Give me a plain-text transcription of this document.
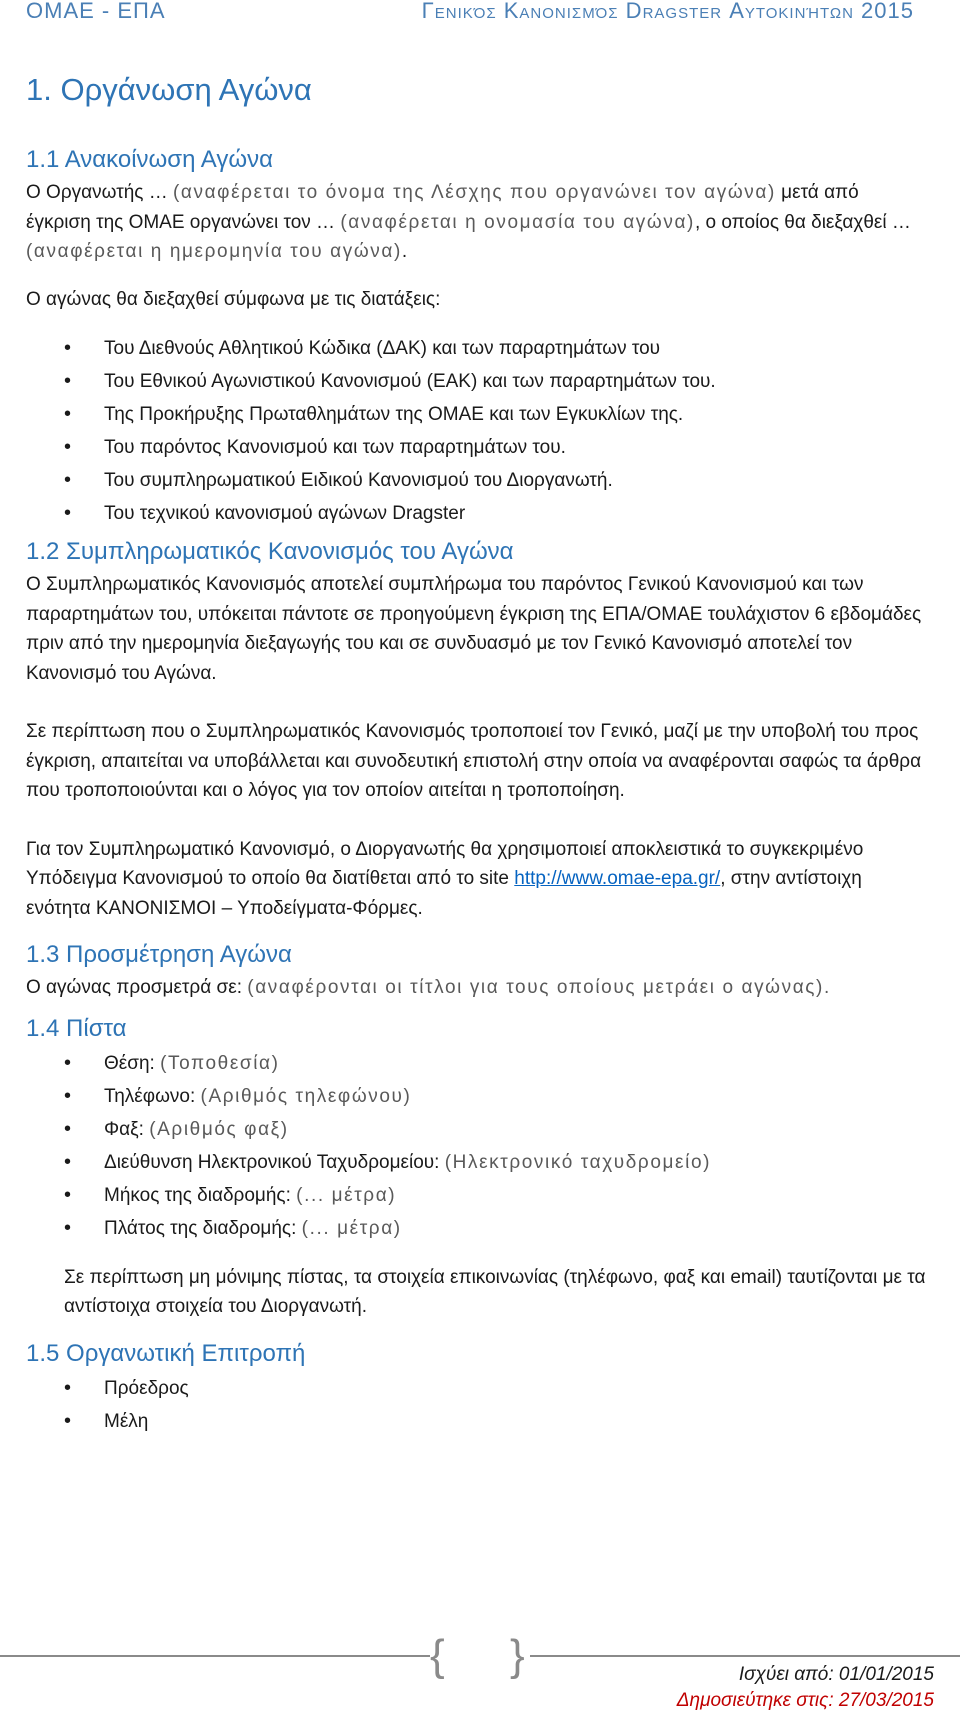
ΟΜΑΕ - ΕΠΑ	Γενικός Κανονισμός Dragster Αυτοκινήτων 2015
1. Οργάνωση Αγώνα
1.1 Ανακοίνωση Αγώνα

Ο Οργανωτής … (αναφέρεται το όνομα της Λέσχης που οργανώνει τον αγώνα) μετά από έγκριση της ΟΜΑΕ οργανώνει τον … (αναφέρεται η ονομασία του αγώνα), ο οποίος θα διεξαχθεί … (αναφέρεται η ημερομηνία του αγώνα).

Ο αγώνας θα διεξαχθεί σύμφωνα με τις διατάξεις:

• Του Διεθνούς Αθλητικού Κώδικα (ΔΑΚ) και των παραρτημάτων του
• Του Εθνικού Αγωνιστικού Κανονισμού (ΕΑΚ) και των παραρτημάτων του.
• Της Προκήρυξης Πρωταθλημάτων της ΟΜΑΕ και των Εγκυκλίων της.
• Του παρόντος Κανονισμού και των παραρτημάτων του.
• Του συμπληρωματικού Ειδικού Κανονισμού του Διοργανωτή.
• Του τεχνικού κανονισμού αγώνων Dragster
1.2 Συμπληρωματικός Κανονισμός του Αγώνα

Ο Συμπληρωματικός Κανονισμός αποτελεί συμπλήρωμα του παρόντος Γενικού Κανονισμού και των παραρτημάτων του, υπόκειται πάντοτε σε προηγούμενη έγκριση της ΕΠΑ/ΟΜΑΕ τουλάχιστον 6 εβδομάδες πριν από την ημερομηνία διεξαγωγής του και σε συνδυασμό με τον Γενικό Κανονισμό αποτελεί τον Κανονισμό του Αγώνα.

Σε περίπτωση που ο Συμπληρωματικός Κανονισμός τροποποιεί τον Γενικό, μαζί με την υποβολή του προς έγκριση, απαιτείται να υποβάλλεται και συνοδευτική επιστολή στην οποία να αναφέρονται σαφώς τα άρθρα που τροποποιούνται και ο λόγος για τον οποίον αιτείται η τροποποίηση.

Για τον Συμπληρωματικό Κανονισμό, ο Διοργανωτής θα χρησιμοποιεί αποκλειστικά το συγκεκριμένο Υπόδειγμα Κανονισμού το οποίο θα διατίθεται από το site http://www.omae-epa.gr/, στην αντίστοιχη ενότητα ΚΑΝΟΝΙΣΜΟΙ – Υποδείγματα-Φόρμες.

1.3 Προσμέτρηση Αγώνα

Ο αγώνας προσμετρά σε: (αναφέρονται οι τίτλοι για τους οποίους μετράει ο αγώνας).

1.4 Πίστα
• Θέση: (Τοποθεσία)
• Τηλέφωνο: (Αριθμός τηλεφώνου)
• Φαξ: (Αριθμός φαξ)
• Διεύθυνση Ηλεκτρονικού Ταχυδρομείου: (Ηλεκτρονικό ταχυδρομείο)
• Μήκος της διαδρομής: (... μέτρα)
• Πλάτος της διαδρομής: (... μέτρα)

Σε περίπτωση μη μόνιμης πίστας, τα στοιχεία επικοινωνίας (τηλέφωνο, φαξ και email) ταυτίζονται με τα αντίστοιχα στοιχεία του Διοργανωτή.

1.5 Οργανωτική Επιτροπή
• Πρόεδρος
• Μέλη
{ }	Ισχύει από: 01/01/2015
Δημοσιεύτηκε στις: 27/03/2015
